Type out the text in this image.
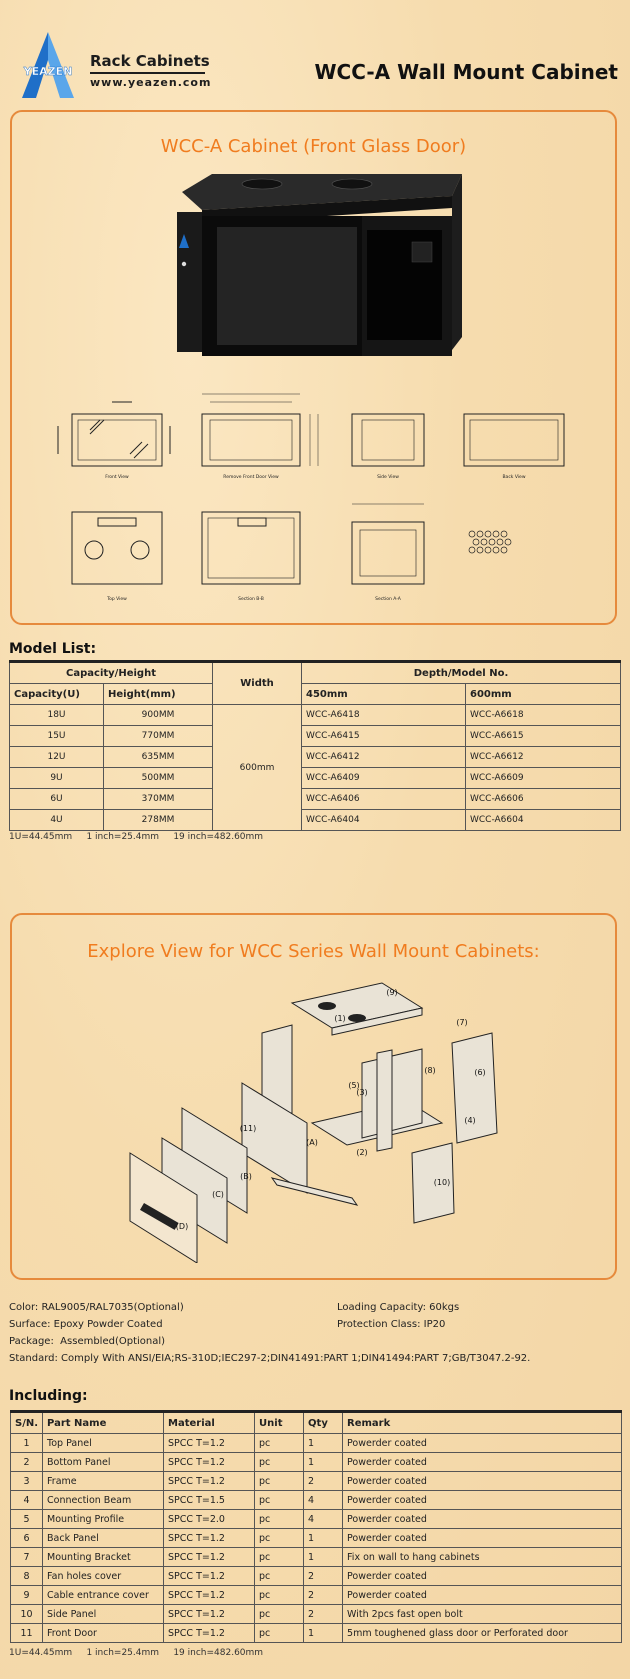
YEAZEN
Rack Cabinets
www.yeazen.com	WCC-A Wall Mount Cabinet
WCC-A Cabinet (Front Glass Door)
Front View	Remove Front Door View	Side View	Back View
Top View	Section B-B	Section A-A
Model List:
Capacity/Height		Width	Depth/Model No.	
Capacity(U)	Height(mm)		450mm	600mm
18U	900MM	600mm	WCC-A6418	WCC-A6618
15U	770MM		WCC-A6415	WCC-A6615
12U	635MM		WCC-A6412	WCC-A6612
9U	500MM		WCC-A6409	WCC-A6609
6U	370MM		WCC-A6406	WCC-A6606
4U	278MM		WCC-A6404	WCC-A6604
1U=44.45mm     1 inch=25.4mm     19 inch=482.60mm
Explore View for WCC Series Wall Mount Cabinets:
(1)
(2)
(3)
(4)
(5)
(6)
(7)
(8)
(9)
(10)
(11)
(A)
(B)
(C)
(D)
Color: RAL9005/RAL7035(Optional)	Loading Capacity: 60kgs
Surface: Epoxy Powder Coated	Protection Class: IP20
Package:  Assembled(Optional)
Standard: Comply With ANSI/EIA;RS-310D;IEC297-2;DIN41491:PART 1;DIN41494:PART 7;GB/T3047.2-92.
Including:
S/N.	Part Name	Material	Unit	Qty	Remark
1	Top Panel	SPCC T=1.2	pc	1	Powerder coated
2	Bottom Panel	SPCC T=1.2	pc	1	Powerder coated
3	Frame	SPCC T=1.2	pc	2	Powerder coated
4	Connection Beam	SPCC T=1.5	pc	4	Powerder coated
5	Mounting Profile	SPCC T=2.0	pc	4	Powerder coated
6	Back Panel	SPCC T=1.2	pc	1	Powerder coated
7	Mounting Bracket	SPCC T=1.2	pc	1	Fix on wall to hang cabinets
8	Fan holes cover	SPCC T=1.2	pc	2	Powerder coated
9	Cable entrance cover	SPCC T=1.2	pc	2	Powerder coated
10	Side Panel	SPCC T=1.2	pc	2	With 2pcs fast open bolt
11	Front Door	SPCC T=1.2	pc	1	5mm toughened glass door or Perforated door
1U=44.45mm     1 inch=25.4mm     19 inch=482.60mm
